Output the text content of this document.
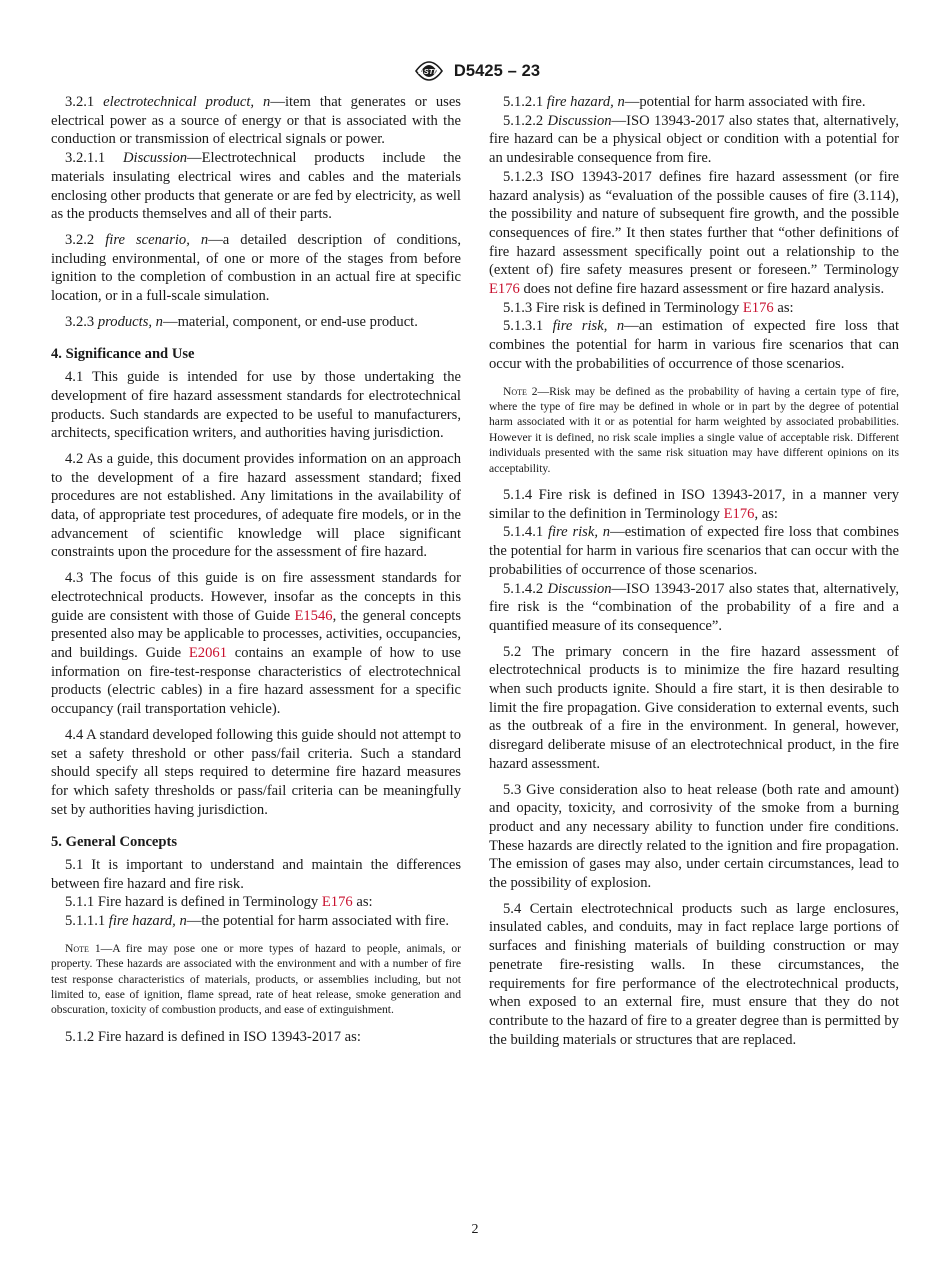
ASTM D5425 – 23

3.2.1 electrotechnical product, n—item that generates or uses electrical power as a source of energy or that is associated with the conduction or transmission of electrical signals or power.

3.2.1.1 Discussion—Electrotechnical products include the materials insulating electrical wires and cables and the materials enclosing other products that generate or are fed by electricity, as well as the products themselves and all of their parts.

3.2.2 fire scenario, n—a detailed description of conditions, including environmental, of one or more of the stages from before ignition to the completion of combustion in an actual fire at specific location, or in a full-scale simulation.

3.2.3 products, n—material, component, or end-use product.

4. Significance and Use

4.1 This guide is intended for use by those undertaking the development of fire hazard assessment standards for electrotechnical products. Such standards are expected to be useful to manufacturers, architects, specification writers, and authorities having jurisdiction.

4.2 As a guide, this document provides information on an approach to the development of a fire hazard assessment standard; fixed procedures are not established. Any limitations in the availability of data, of appropriate test procedures, of adequate fire models, or in the advancement of scientific knowledge will place significant constraints upon the procedure for the assessment of fire hazard.

4.3 The focus of this guide is on fire assessment standards for electrotechnical products. However, insofar as the concepts in this guide are consistent with those of Guide E1546, the general concepts presented also may be applicable to processes, activities, occupancies, and buildings. Guide E2061 contains an example of how to use information on fire-test-response characteristics of electrotechnical products (electric cables) in a fire hazard assessment for a specific occupancy (rail transportation vehicle).

4.4 A standard developed following this guide should not attempt to set a safety threshold or other pass/fail criteria. Such a standard should specify all steps required to determine fire hazard measures for which safety thresholds or pass/fail criteria can be meaningfully set by authorities having jurisdiction.

5. General Concepts

5.1 It is important to understand and maintain the differences between fire hazard and fire risk.

5.1.1 Fire hazard is defined in Terminology E176 as:

5.1.1.1 fire hazard, n—the potential for harm associated with fire.

Note 1—A fire may pose one or more types of hazard to people, animals, or property. These hazards are associated with the environment and with a number of fire test response characteristics of materials, products, or assemblies including, but not limited to, ease of ignition, flame spread, rate of heat release, smoke generation and obscuration, toxicity of combustion products, and ease of extinguishment.

5.1.2 Fire hazard is defined in ISO 13943-2017 as:

5.1.2.1 fire hazard, n—potential for harm associated with fire.

5.1.2.2 Discussion—ISO 13943-2017 also states that, alternatively, fire hazard can be a physical object or condition with a potential for an undesirable consequence from fire.

5.1.2.3 ISO 13943-2017 defines fire hazard assessment (or fire hazard analysis) as “evaluation of the possible causes of fire (3.114), the possibility and nature of subsequent fire growth, and the possible consequences of fire.” It then states further that “other definitions of fire hazard assessment specifically point out a relationship to the (extent of) fire safety measures present or foreseen.” Terminology E176 does not define fire hazard assessment or fire hazard analysis.

5.1.3 Fire risk is defined in Terminology E176 as:

5.1.3.1 fire risk, n—an estimation of expected fire loss that combines the potential for harm in various fire scenarios that can occur with the probabilities of occurrence of those scenarios.

Note 2—Risk may be defined as the probability of having a certain type of fire, where the type of fire may be defined in whole or in part by the degree of potential harm associated with it or as potential for harm weighted by associated probabilities. However it is defined, no risk scale implies a single value of acceptable risk. Different individuals presented with the same risk situation may have different opinions on its acceptability.

5.1.4 Fire risk is defined in ISO 13943-2017, in a manner very similar to the definition in Terminology E176, as:

5.1.4.1 fire risk, n—estimation of expected fire loss that combines the potential for harm in various fire scenarios that can occur with the probabilities of occurrence of those scenarios.

5.1.4.2 Discussion—ISO 13943-2017 also states that, alternatively, fire risk is the “combination of the probability of a fire and a quantified measure of its consequence”.

5.2 The primary concern in the fire hazard assessment of electrotechnical products is to minimize the fire hazard resulting when such products ignite. Should a fire start, it is then desirable to limit the fire propagation. Give consideration to external events, such as the outbreak of a fire in the environment. In general, however, disregard deliberate misuse of an electrotechnical product, in the fire hazard assessment.

5.3 Give consideration also to heat release (both rate and amount) and opacity, toxicity, and corrosivity of the smoke from a burning product and any necessary ability to function under fire conditions. These hazards are directly related to the ignition and fire propagation. The emission of gases may also, under certain circumstances, lead to the possibility of explosion.

5.4 Certain electrotechnical products such as large enclosures, insulated cables, and conduits, may in fact replace large portions of surfaces and finishing materials of building construction or may penetrate fire-resisting walls. In these circumstances, the requirements for fire performance of the electrotechnical products, when exposed to an external fire, must ensure that they do not contribute to the hazard of fire to a greater degree than is permitted by the building materials or structures that are replaced.

2
